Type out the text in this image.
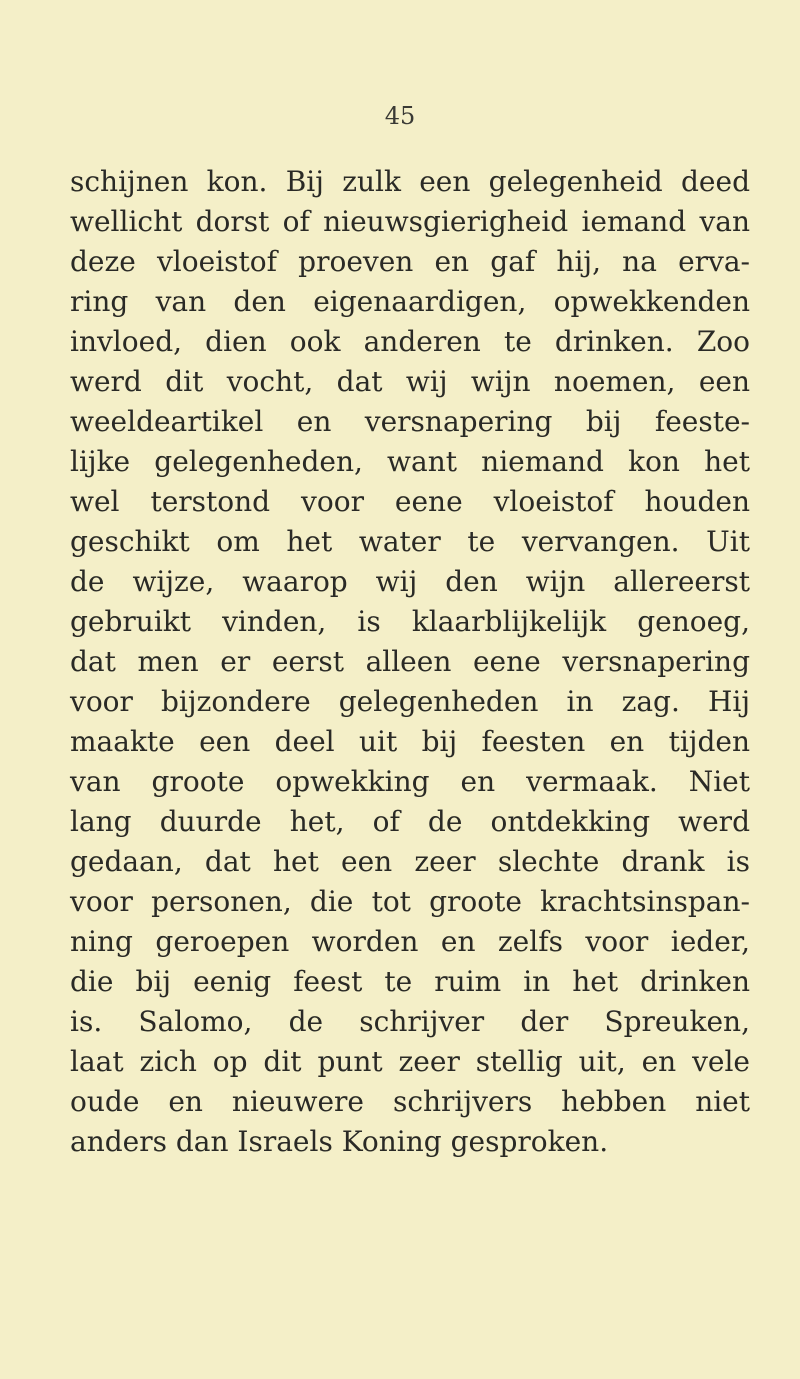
45
schijnen kon. Bij zulk een gelegenheid deed
wellicht dorst of nieuwsgierigheid iemand van
deze vloeistof proeven en gaf hij, na erva-
ring van den eigenaardigen, opwekkenden
invloed, dien ook anderen te drinken. Zoo
werd dit vocht, dat wij wijn noemen, een
weeldeartikel en versnapering bij feeste-
lijke gelegenheden, want niemand kon het
wel terstond voor eene vloeistof houden
geschikt om het water te vervangen. Uit
de wijze, waarop wij den wijn allereerst
gebruikt vinden, is klaarblijkelijk genoeg,
dat men er eerst alleen eene versnapering
voor bijzondere gelegenheden in zag. Hij
maakte een deel uit bij feesten en tijden
van groote opwekking en vermaak. Niet
lang duurde het, of de ontdekking werd
gedaan, dat het een zeer slechte drank is
voor personen, die tot groote krachtsinspan-
ning geroepen worden en zelfs voor ieder,
die bij eenig feest te ruim in het drinken
is. Salomo, de schrijver der Spreuken,
laat zich op dit punt zeer stellig uit, en vele
oude en nieuwere schrijvers hebben niet
anders dan Israels Koning gesproken.
